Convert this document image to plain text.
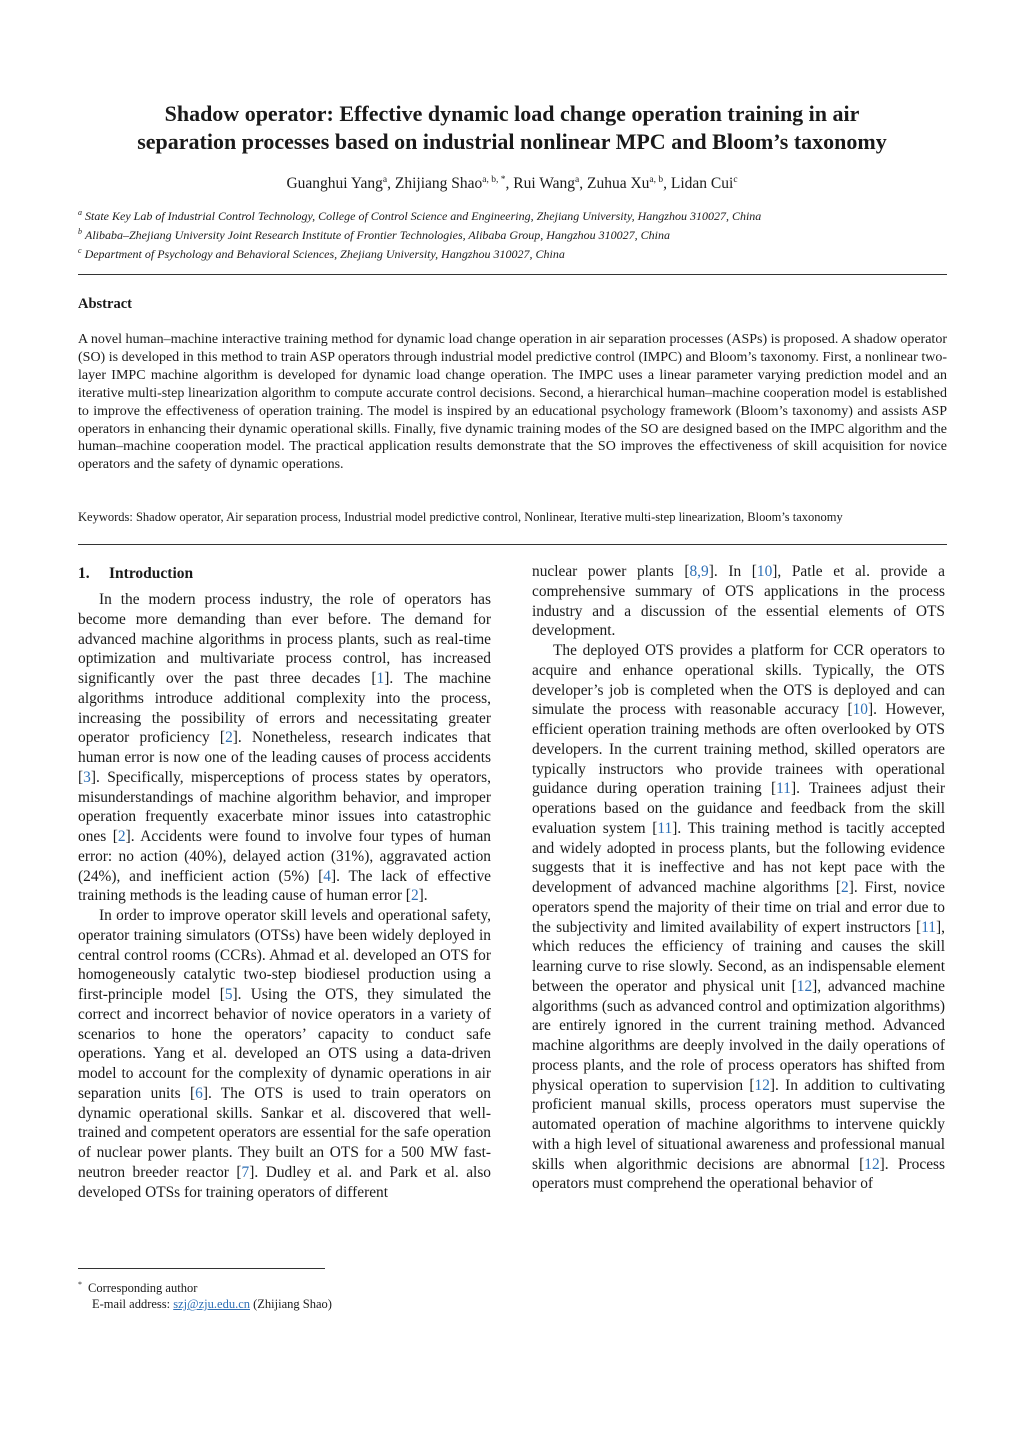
Shadow operator: Effective dynamic load change operation training in air
separation processes based on industrial nonlinear MPC and Bloom’s taxonomy

Guanghui Yang$^a$, Zhijiang Shao$^{a, b, *}$, Rui Wang$^a$, Zuhua Xu$^{a, b}$, Lidan Cui$^c$

$^a$ State Key Lab of Industrial Control Technology, College of Control Science and Engineering, Zhejiang University, Hangzhou 310027, China
$^b$ Alibaba–Zhejiang University Joint Research Institute of Frontier Technologies, Alibaba Group, Hangzhou 310027, China
$^c$ Department of Psychology and Behavioral Sciences, Zhejiang University, Hangzhou 310027, China
Abstract

A novel human–machine interactive training method for dynamic load change operation in air separation processes (ASPs) is proposed. A shadow operator (SO) is developed in this method to train ASP operators through industrial model predictive control (IMPC) and Bloom’s taxonomy. First, a nonlinear two-layer IMPC machine algorithm is developed for dynamic load change operation. The IMPC uses a linear parameter varying prediction model and an iterative multi-step linearization algorithm to compute accurate control decisions. Second, a hierarchical human–machine cooperation model is established to improve the effectiveness of operation training. The model is inspired by an educational psychology framework (Bloom’s taxonomy) and assists ASP operators in enhancing their dynamic operational skills. Finally, five dynamic training modes of the SO are designed based on the IMPC algorithm and the human–machine cooperation model. The practical application results demonstrate that the SO improves the effectiveness of skill acquisition for novice operators and the safety of dynamic operations.

Keywords: Shadow operator, Air separation process, Industrial model predictive control, Nonlinear, Iterative multi-step linearization, Bloom’s taxonomy

1. Introduction

In the modern process industry, the role of operators has become more demanding than ever before. The demand for advanced machine algorithms in process plants, such as real-time optimization and multivariate process control, has increased significantly over the past three decades [1]. The machine algorithms introduce additional complexity into the process, increasing the possibility of errors and necessitating greater operator proficiency [2]. Nonetheless, research indicates that human error is now one of the leading causes of process accidents [3]. Specifically, misperceptions of process states by operators, misunderstandings of machine algorithm behavior, and improper operation frequently exacerbate minor issues into catastrophic ones [2]. Accidents were found to involve four types of human error: no action (40%), delayed action (31%), aggravated action (24%), and inefficient action (5%) [4]. The lack of effective training methods is the leading cause of human error [2].

In order to improve operator skill levels and operational safety, operator training simulators (OTSs) have been widely deployed in central control rooms (CCRs). Ahmad et al. developed an OTS for homogeneously catalytic two-step biodiesel production using a first-principle model [5]. Using the OTS, they simulated the correct and incorrect behavior of novice operators in a variety of scenarios to hone the operators’ capacity to conduct safe operations. Yang et al. developed an OTS using a data-driven model to account for the complexity of dynamic operations in air separation units [6]. The OTS is used to train operators on dynamic operational skills. Sankar et al. discovered that well-trained and competent operators are essential for the safe operation of nuclear power plants. They built an OTS for a 500 MW fast-neutron breeder reactor [7]. Dudley et al. and Park et al. also developed OTSs for training operators of different

nuclear power plants [8,9]. In [10], Patle et al. provide a comprehensive summary of OTS applications in the process industry and a discussion of the essential elements of OTS development.

The deployed OTS provides a platform for CCR operators to acquire and enhance operational skills. Typically, the OTS developer’s job is completed when the OTS is deployed and can simulate the process with reasonable accuracy [10]. However, efficient operation training methods are often overlooked by OTS developers. In the current training method, skilled operators are typically instructors who provide trainees with operational guidance during operation training [11]. Trainees adjust their operations based on the guidance and feedback from the skill evaluation system [11]. This training method is tacitly accepted and widely adopted in process plants, but the following evidence suggests that it is ineffective and has not kept pace with the development of advanced machine algorithms [2]. First, novice operators spend the majority of their time on trial and error due to the subjectivity and limited availability of expert instructors [11], which reduces the efficiency of training and causes the skill learning curve to rise slowly. Second, as an indispensable element between the operator and physical unit [12], advanced machine algorithms (such as advanced control and optimization algorithms) are entirely ignored in the current training method. Advanced machine algorithms are deeply involved in the daily operations of process plants, and the role of process operators has shifted from physical operation to supervision [12]. In addition to cultivating proficient manual skills, process operators must supervise the automated operation of machine algorithms to intervene quickly with a high level of situational awareness and professional manual skills when algorithmic decisions are abnormal [12]. Process operators must comprehend the operational behavior of

* Corresponding author
E-mail address: szj@zju.edu.cn (Zhijiang Shao)
